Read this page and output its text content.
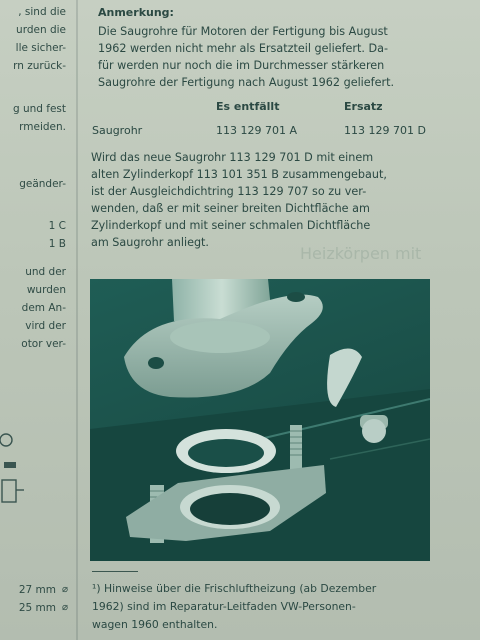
, sind die
urden die
lle sicher-
rn zurück-
g und fest
rmeiden.
geänder-
1 C
1 B
und der
wurden
dem An-
vird der
otor ver-
27 mm
25 mm
⌀
⌀
Anmerkung:
Die Saugrohre für Motoren der Fertigung bis August
1962 werden nicht mehr als Ersatzteil geliefert. Da-
für werden nur noch die im Durchmesser stärkeren
Saugrohre der Fertigung nach August 1962 geliefert.
Es entfällt	Ersatz
Saugrohr	113 129 701 A	113 129 701 D
Wird das neue Saugrohr 113 129 701 D mit einem
alten Zylinderkopf 113 101 351 B zusammengebaut,
ist der Ausgleichdichtring 113 129 707 so zu ver-
wenden, daß er mit seiner breiten Dichtfläche am
Zylinderkopf und mit seiner schmalen Dichtfläche
am Saugrohr anliegt.
Heizkörpen mit
¹) Hinweise über die Frischluftheizung (ab Dezember
1962) sind im Reparatur-Leitfaden VW-Personen-
wagen 1960 enthalten.
